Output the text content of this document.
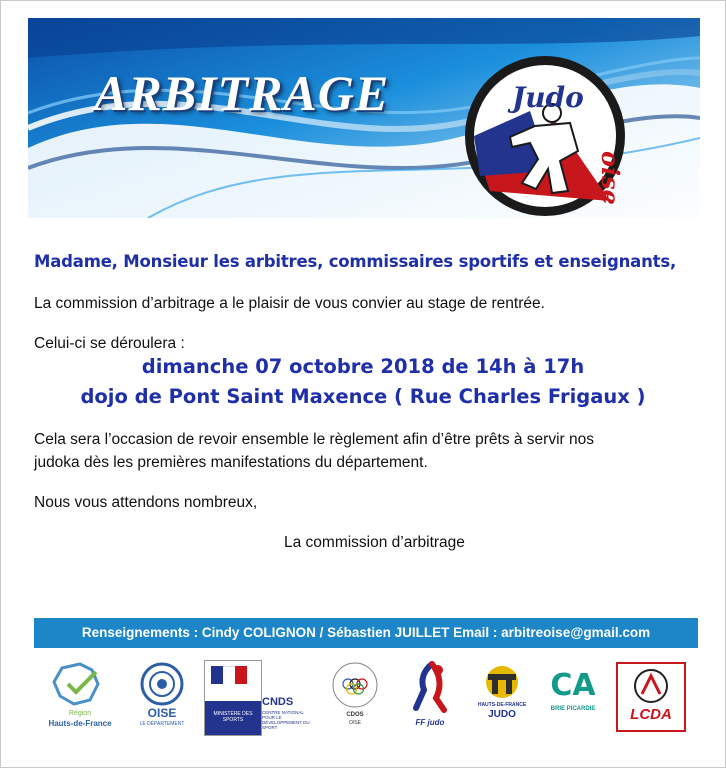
ARBITRAGE	Judo
oise
Madame, Monsieur les arbitres, commissaires sportifs et enseignants,
La commission d’arbitrage a le plaisir de vous convier au stage de rentrée.
Celui-ci se déroulera :
dimanche 07 octobre 2018 de 14h à 17h
dojo de Pont Saint Maxence ( Rue Charles Frigaux )
Cela sera l’occasion de revoir ensemble le règlement afin d’être prêts à servir nos
judoka dès les premières manifestations du département.
Nous vous attendons nombreux,
La commission d’arbitrage
Renseignements : Cindy COLIGNON / Sébastien JUILLET Email : arbitreoise@gmail.com
Région
Hauts-de-France
OISE
LE DÉPARTEMENT
MINISTÈRE DES SPORTS
CNDS
CENTRE NATIONAL POUR LE DÉVELOPPEMENT DU SPORT
CDOS
OISE	FF judo
HAUTS-DE-FRANCE
JUDO
CA
BRIE PICARDIE	LCDA
